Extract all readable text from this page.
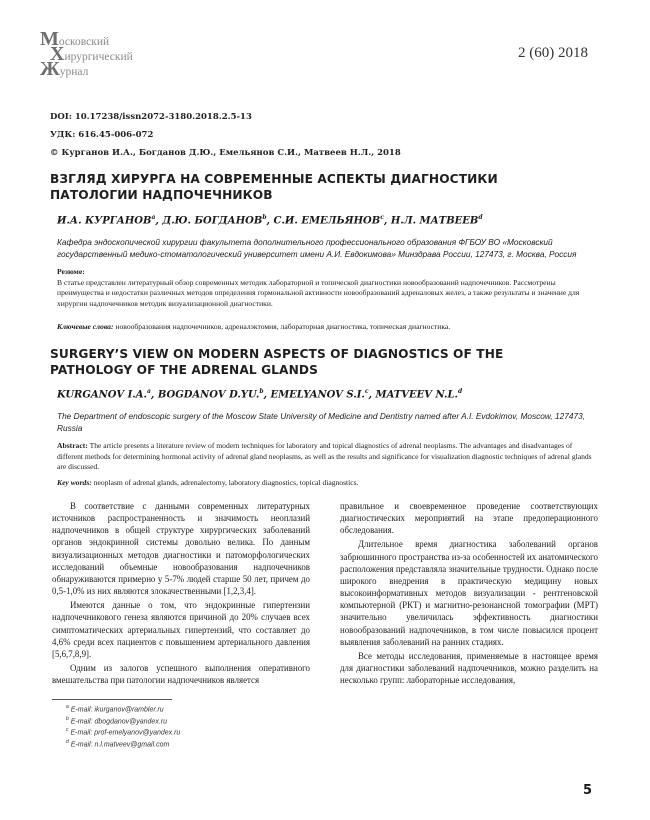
Московский
Хирургический
Журнал
2 (60) 2018
DOI: 10.17238/issn2072-3180.2018.2.5-13
УДК: 616.45-006-072
© Курганов И.А., Богданов Д.Ю., Емельянов С.И., Матвеев Н.Л., 2018
ВЗГЛЯД ХИРУРГА НА СОВРЕМЕННЫЕ АСПЕКТЫ ДИАГНОСТИКИ ПАТОЛОГИИ НАДПОЧЕЧНИКОВ
И.А. КУРГАНОВ$^a$, Д.Ю. БОГДАНОВ$^b$, С.И. ЕМЕЛЬЯНОВ$^c$, Н.Л. МАТВЕЕВ$^d$
Кафедра эндоскопической хирургии факультета дополнительного профессионального образования ФГБОУ ВО «Московский государственный медико-стоматологический университет имени А.И. Евдокимова» Минздрава России, 127473, г. Москва, Россия
Резюме:
В статье представлен литературный обзор современных методик лабораторной и топической диагностики новообразований надпочечников. Рассмотрены преимущества и недостатки различных методов определения гормональной активности новообразований адреналовых желез, а также результаты и значение для хирургии надпочечников методик визуализационной диагностики.
Ключевые слова: новообразования надпочечников, адреналэктомия, лабораторная диагностика, топическая диагностика.
SURGERY’S VIEW ON MODERN ASPECTS OF DIAGNOSTICS OF THE PATHOLOGY OF THE ADRENAL GLANDS
KURGANOV I.A.$^a$, BOGDANOV D.YU.$^b$, EMELYANOV S.I.$^c$, MATVEEV N.L.$^d$
The Department of endoscopic surgery of the Moscow State University of Medicine and Dentistry named after A.I. Evdokimov, Moscow, 127473, Russia
Abstract: The article presents a literature review of modern techniques for laboratory and topical diagnostics of adrenal neoplasms. The advantages and disadvantages of different methods for determining hormonal activity of adrenal gland neoplasms, as well as the results and significance for visualization diagnostic techniques of adrenal glands are discussed.
Key words: neoplasm of adrenal glands, adrenalectomy, laboratory diagnostics, topical diagnostics.

В соответствие с данными современных литературных источников распространенность и значимость неоплазий надпочечников в общей структуре хирургических заболеваний органов эндокринной системы довольно велика. По данным визуализационных методов диагностики и патоморфологических исследований объемные новообразования надпочечников обнаруживаются примерно у 5-7% людей старше 50 лет, причем до 0,5-1,0% из них являются злокачественными [1,2,3,4].

Имеются данные о том, что эндокринные гипертензии надпочечникового генеза являются причиной до 20% случаев всех симптоматических артериальных гипертензий, что составляет до 4,6% среди всех пациентов с повышением артериального давления [5,6,7,8,9].

Одним из залогов успешного выполнения оперативного вмешательства при патологии надпочечников является

правильное и своевременное проведение соответствующих диагностических мероприятий на этапе предоперационного обследования.

Длительное время диагностика заболеваний органов забрюшинного пространства из-за особенностей их анатомического расположения представляла значительные трудности. Однако после широкого внедрения в практическую медицину новых высокоинформативных методов визуализации - рентгеновской компьютерной (РКТ) и магнитно-резонансной томографии (МРТ) значительно увеличилась эффективность диагностики новообразований надпочечников, в том числе повысился процент выявления заболеваний на ранних стадиях.

Все методы исследования, применяемые в настоящее время для диагностики заболеваний надпочечников, можно разделить на несколько групп: лабораторные исследования,

$^a$ E-mail: ikurganov@rambler.ru
$^b$ E-mail: dbogdanov@yandex.ru
$^c$ E-mail: prof-emelyanov@yandex.ru
$^d$ E-mail: n.l.matveev@gmail.com
5
